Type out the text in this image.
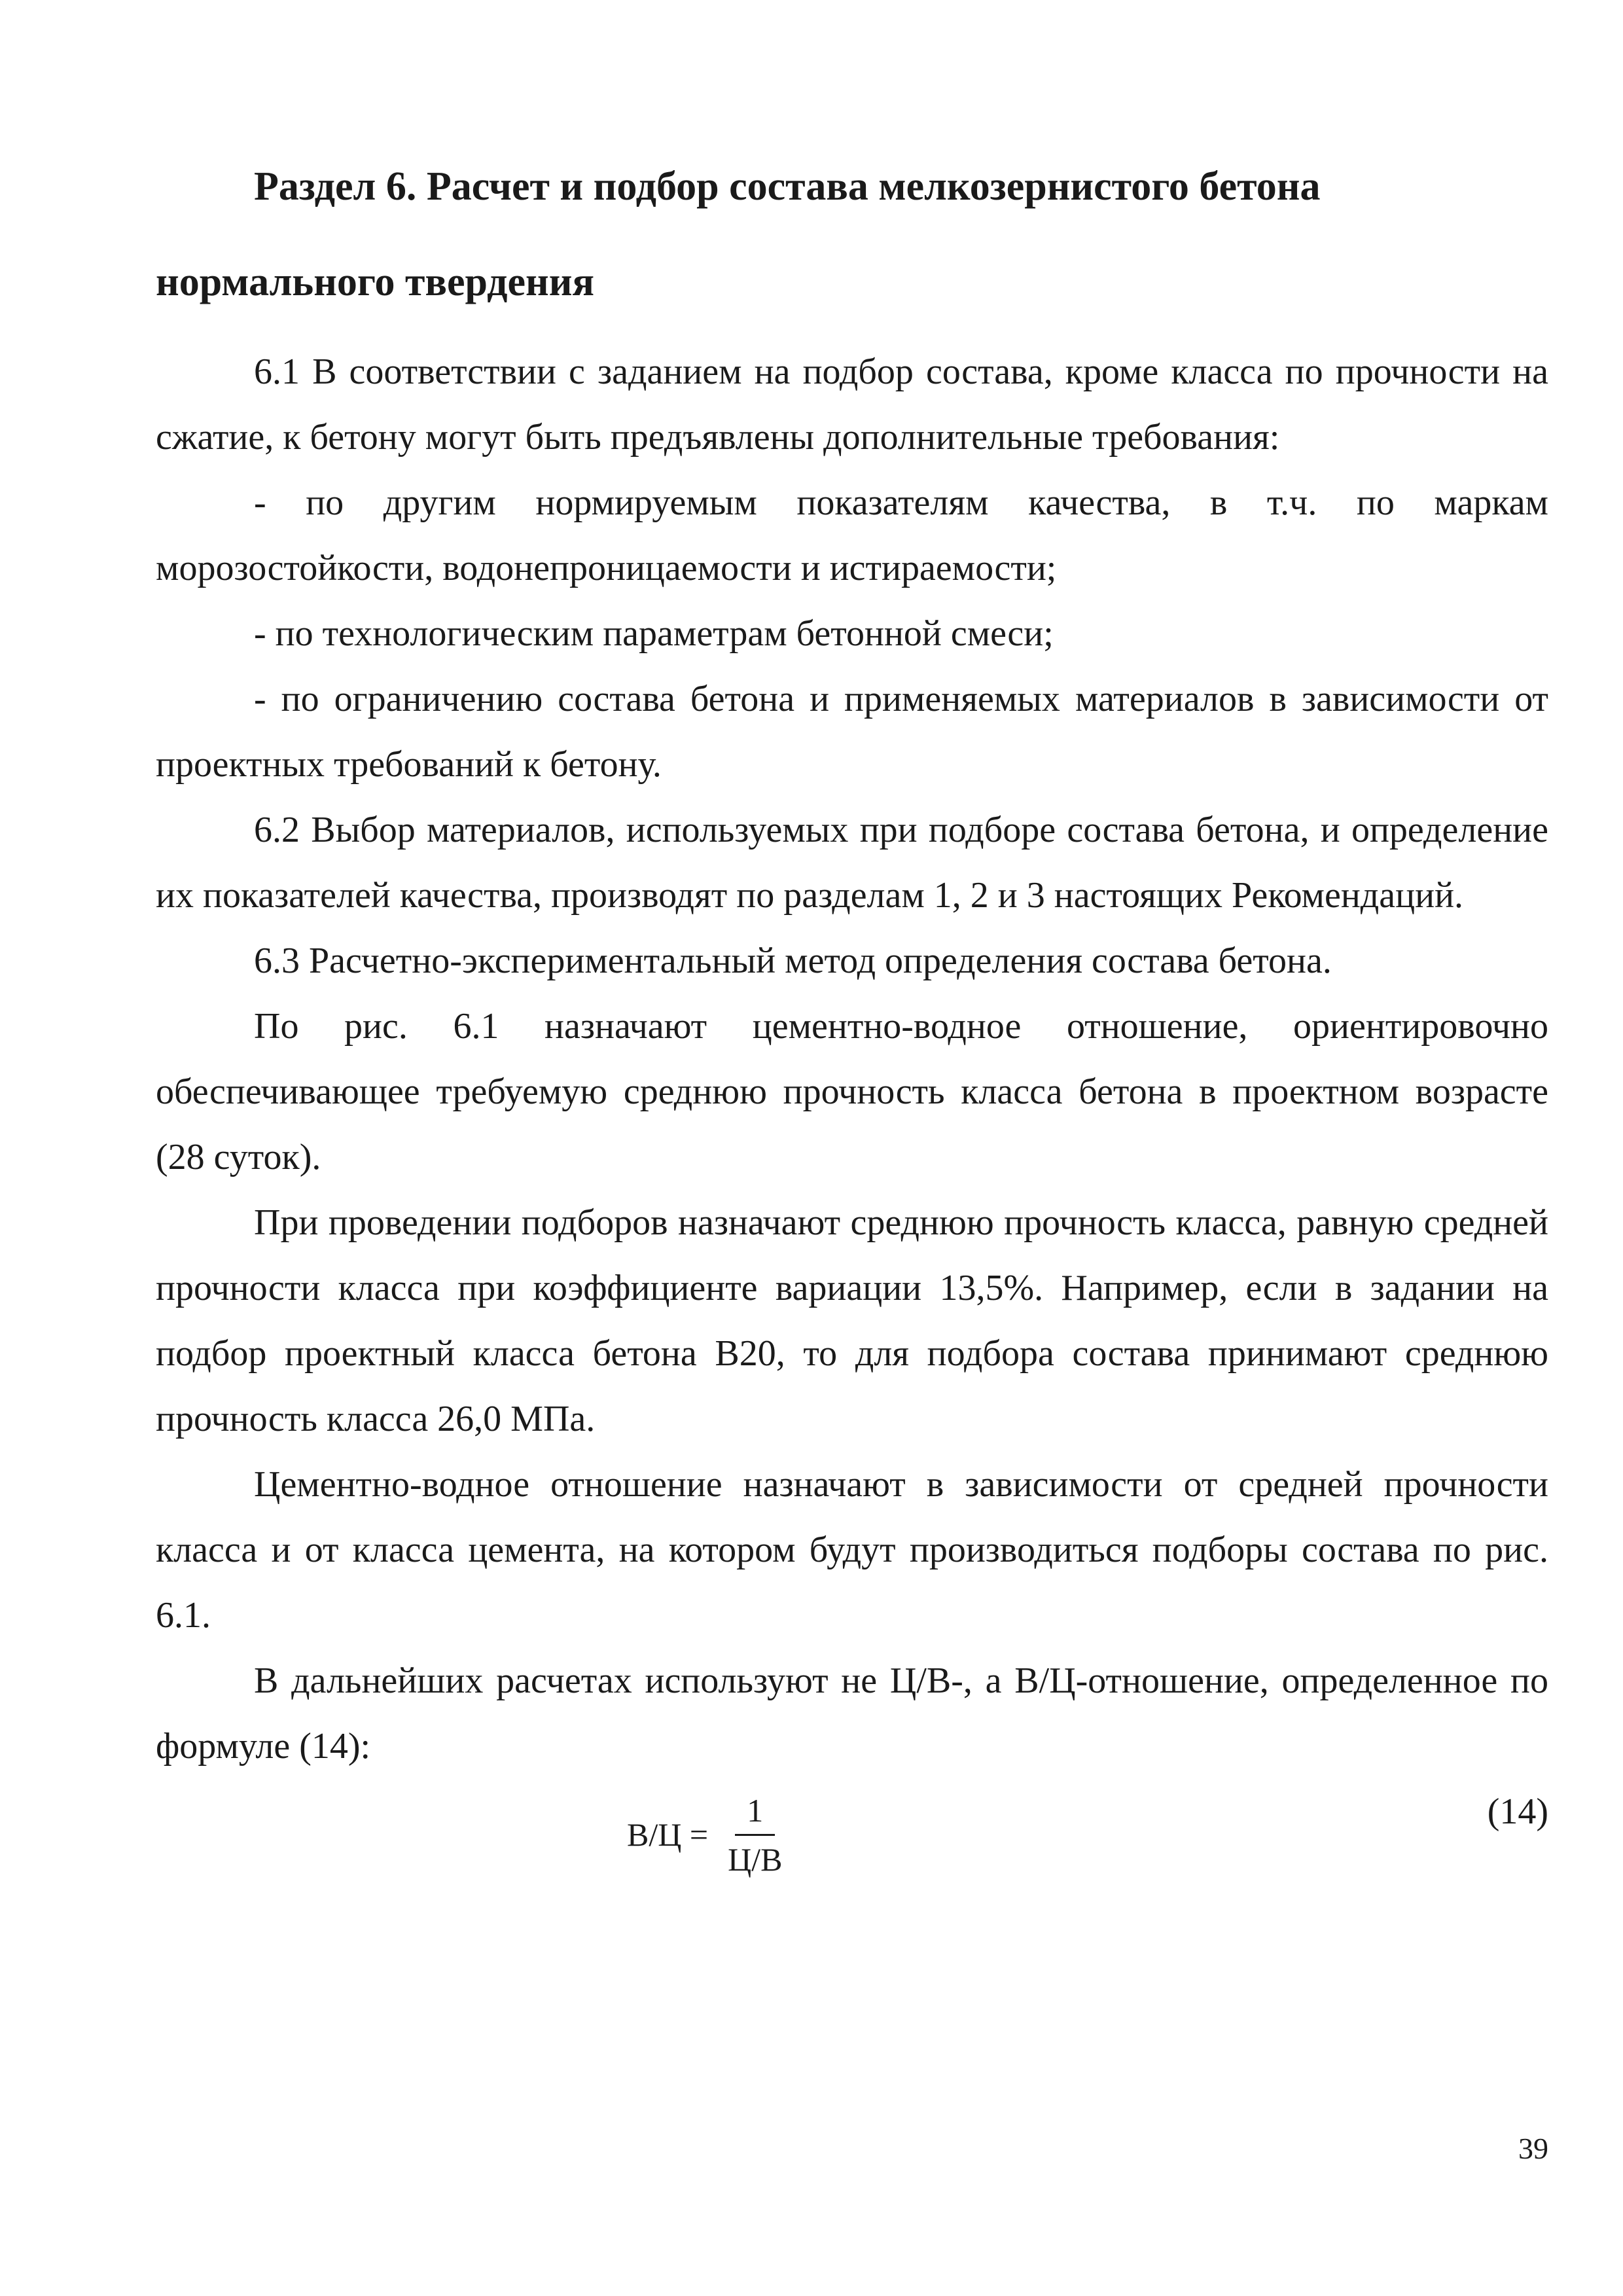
Раздел 6. Расчет и подбор состава мелкозернистого бетона
нормального твердения

6.1 В соответствии с заданием на подбор состава, кроме класса по прочности на сжатие, к бетону могут быть предъявлены дополнительные требования:

- по другим нормируемым показателям качества, в т.ч. по маркам морозостойкости, водонепроницаемости и истираемости;

- по технологическим параметрам бетонной смеси;

- по ограничению состава бетона и применяемых материалов в зависимости от проектных требований к бетону.

6.2 Выбор материалов, используемых при подборе состава бетона, и определение их показателей качества, производят по разделам 1, 2 и 3 настоящих Рекомендаций.

6.3 Расчетно-экспериментальный метод определения состава бетона.

По рис. 6.1 назначают цементно-водное отношение, ориентировочно обеспечивающее требуемую среднюю прочность класса бетона в проектном возрасте (28 суток).

При проведении подборов назначают среднюю прочность класса, равную средней прочности класса при коэффициенте вариации 13,5%. Например, если в задании на подбор проектный класса бетона В20, то для подбора состава принимают среднюю прочность класса 26,0 МПа.

Цементно-водное отношение назначают в зависимости от средней прочности класса и от класса цемента, на котором будут производиться подборы состава по рис. 6.1.

В дальнейших расчетах используют не Ц/В-, а В/Ц-отношение, определенное по формуле (14):

$В/Ц = \frac{1}{Ц/В}$	(14)
39
